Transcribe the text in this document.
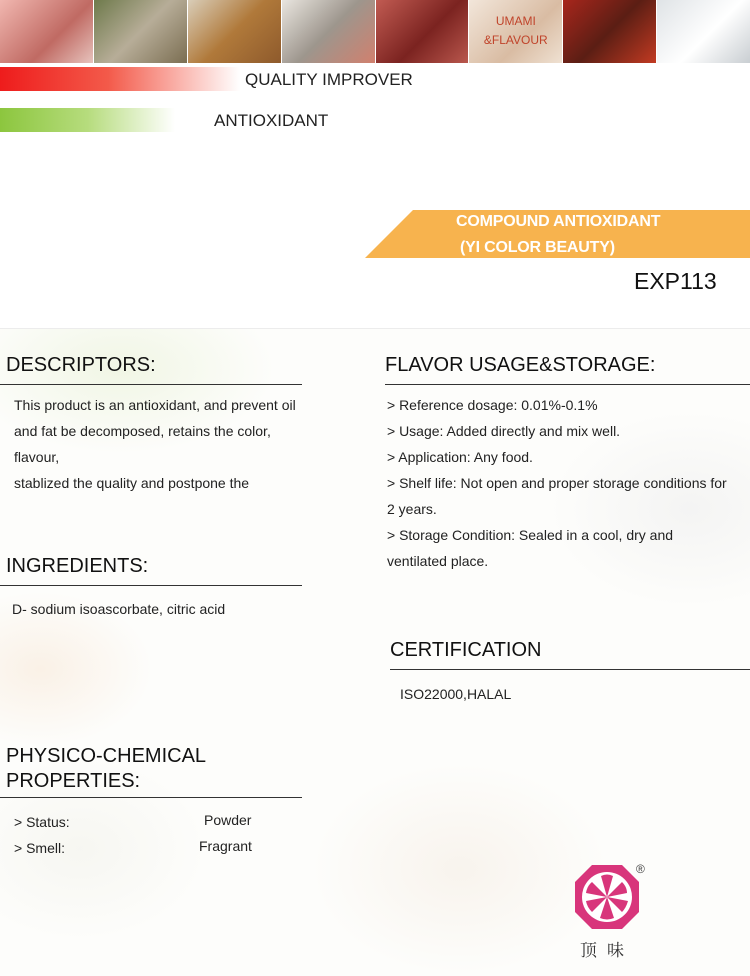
UMAMI
&FLAVOUR
QUALITY IMPROVER
ANTIOXIDANT
COMPOUND ANTIOXIDANT
(YI COLOR BEAUTY)
EXP113
DESCRIPTORS:
This product is an antioxidant, and prevent oil
and fat be decomposed, retains the color, flavour,
stablized the quality and postpone the
INGREDIENTS:
D- sodium isoascorbate, citric acid
PHYSICO-CHEMICAL
PROPERTIES:
> Status:	Powder
> Smell:	Fragrant
FLAVOR USAGE&STORAGE:
> Reference dosage: 0.01%-0.1%
> Usage: Added directly and mix well.
> Application: Any food.
> Shelf life: Not open and proper storage conditions for
2 years.
> Storage Condition: Sealed in a cool, dry and
ventilated place.
CERTIFICATION
ISO22000,HALAL
®
顶味
